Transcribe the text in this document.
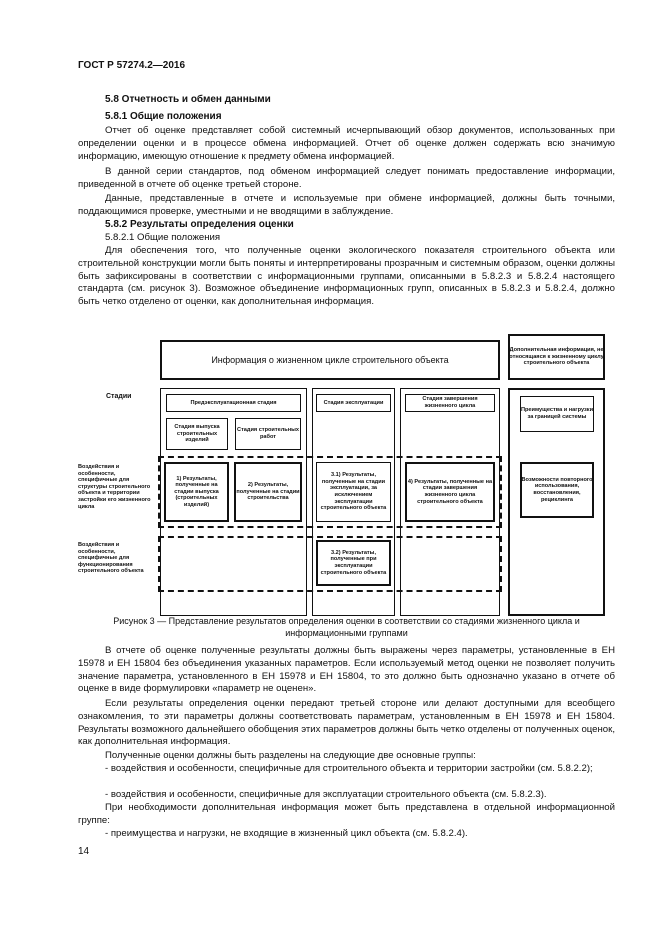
ГОСТ Р 57274.2—2016
5.8 Отчетность и обмен данными
5.8.1 Общие положения
Отчет об оценке представляет собой системный исчерпывающий обзор документов, использованных при определении оценки и в процессе обмена информацией. Отчет об оценке должен содержать всю значимую информацию, имеющую отношение к предмету обмена информацией.
В данной серии стандартов, под обменом информацией следует понимать предоставление информации, приведенной в отчете об оценке третьей стороне.
Данные, представленные в отчете и используемые при обмене информацией, должны быть точными, поддающимися проверке, уместными и не вводящими в заблуждение.
5.8.2 Результаты определения оценки
5.8.2.1 Общие положения
Для обеспечения того, что полученные оценки экологического показателя строительного объекта или строительной конструкции могли быть поняты и интерпретированы прозрачным и системным образом, оценки должны быть зафиксированы в соответствии с информационными группами, описанными в 5.8.2.3 и 5.8.2.4 настоящего стандарта (см. рисунок 3). Возможное объединение информационных групп, описанных в 5.8.2.3 и 5.8.2.4, должно быть четко отделено от оценки, как дополнительная информация.
Информация о жизненном цикле строительного объекта
Дополнительная информация, не относящаяся к жизненному циклу строительного объекта
Стадии
Воздействия и особенности, специфичные для структуры строительного объекта и территории застройки его жизненного цикла
Воздействия и особенности, специфичные для функционирования строительного объекта
Предэксплуатационная стадия
Стадия выпуска строительных изделий
Стадия строительных работ
Стадия эксплуатации
Стадия завершения жизненного цикла
Преимущества и нагрузки за границей системы
1) Результаты, полученные на стадии выпуска (строительных изделий)
2) Результаты, полученные на стадии строительства
3.1) Результаты, полученные на стадии эксплуатации, за исключением эксплуатации строительного объекта
4) Результаты, полученные на стадии завершения жизненного цикла строительного объекта
Возможности повторного использования, восстановления, рециклинга
3.2) Результаты, полученные при эксплуатации строительного объекта
Рисунок 3 — Представление результатов определения оценки в соответствии со стадиями жизненного цикла и информационными группами
В отчете об оценке полученные результаты должны быть выражены через параметры, установленные в ЕН 15978 и ЕН 15804 без объединения указанных параметров. Если используемый метод оценки не позволяет получить значение параметра, установленного в ЕН 15978 и ЕН 15804, то это должно быть однозначно указано в отчете об оценке в виде формулировки «параметр не оценен».
Если результаты определения оценки передают третьей стороне или делают доступными для всеобщего ознакомления, то эти параметры должны соответствовать параметрам, установленным в ЕН 15978 и ЕН 15804. Результаты возможного дальнейшего обобщения этих параметров должны быть четко отделены от полученных оценок, как дополнительная информация.
Полученные оценки должны быть разделены на следующие две основные группы:
- воздействия и особенности, специфичные для строительного объекта и территории застройки (см. 5.8.2.2);
- воздействия и особенности, специфичные для эксплуатации строительного объекта (см. 5.8.2.3).
При необходимости дополнительная информация может быть представлена в отдельной информационной группе:
- преимущества и нагрузки, не входящие в жизненный цикл объекта (см. 5.8.2.4).
14
